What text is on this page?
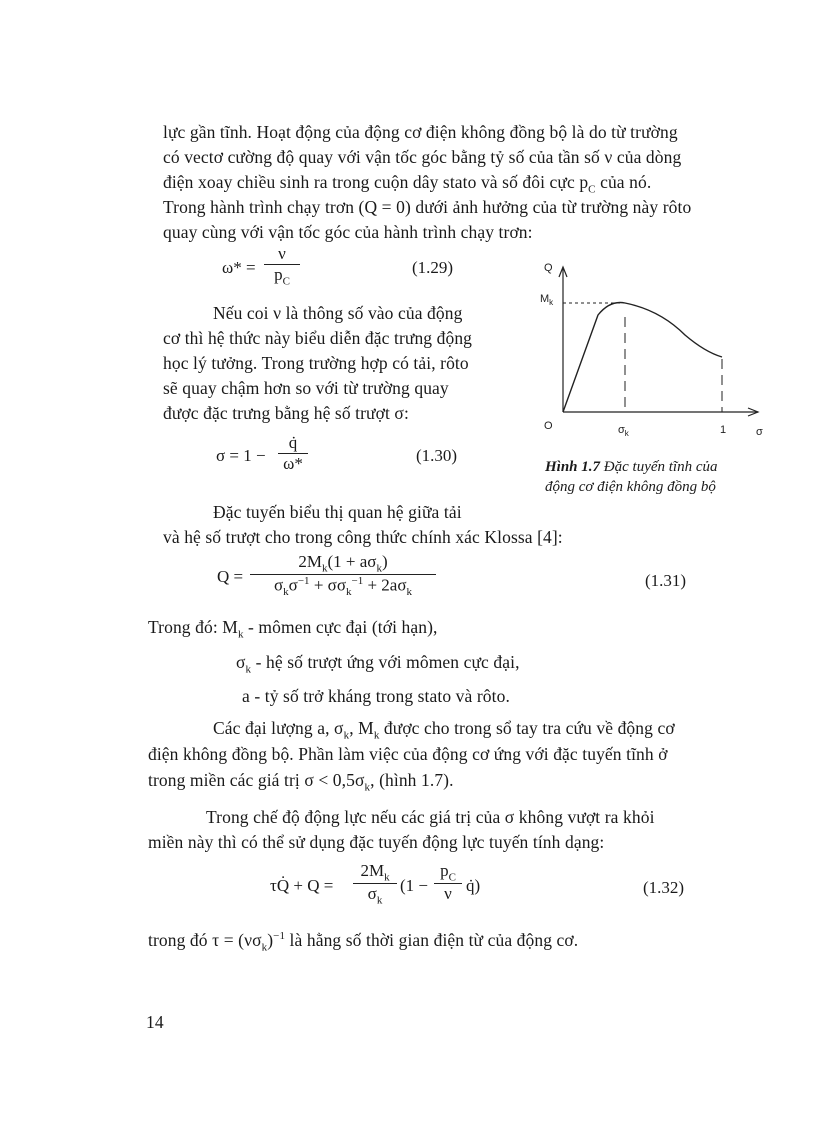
lực gần tĩnh. Hoạt động của động cơ điện không đồng bộ là do từ trường
có vectơ cường độ quay với vận tốc góc bằng tỷ số của tần số ν của dòng
điện xoay chiều sinh ra trong cuộn dây stato và số đôi cực $p_C$ của nó.
Trong hành trình chạy trơn (Q = 0) dưới ảnh hưởng của từ trường này rôto
quay cùng với vận tốc góc của hành trình chạy trơn:
$\omega* = \frac{\nu}{p_C}$	(1.29)
Nếu coi ν là thông số vào của động
cơ thì hệ thức này biểu diễn đặc trưng động
học lý tưởng. Trong trường hợp có tải, rôto
sẽ quay chậm hơn so với từ trường quay
được đặc trưng bằng hệ số trượt σ:
$\sigma = 1 - \frac{q̇}{\omega*}$	(1.30)
Q
$M_k$
O	$\sigma_k$	1	σ
Hình 1.7 Đặc tuyến tĩnh của
động cơ điện không đồng bộ
Đặc tuyến biểu thị quan hệ giữa tải
và hệ số trượt cho trong công thức chính xác Klossa [4]:
Q =
$2M_k(1 + a\sigma_k)$
$\sigma_k\sigma^{-1} + \sigma\sigma_k^{-1} + 2a\sigma_k$
(1.31)
Trong đó: $M_k$ - mômen cực đại (tới hạn),
$\sigma_k$ - hệ số trượt ứng với mômen cực đại,
a - tỷ số trở kháng trong stato và rôto.
Các đại lượng a, $\sigma_k$, $M_k$ được cho trong sổ tay tra cứu về động cơ
điện không đồng bộ. Phần làm việc của động cơ ứng với đặc tuyến tĩnh ở
trong miền các giá trị $\sigma < 0,5\sigma_k$, (hình 1.7).
Trong chế độ động lực nếu các giá trị của σ không vượt ra khỏi
miền này thì có thể sử dụng đặc tuyến động lực tuyến tính dạng:
τQ̇ + $Q = \frac{2M_k}{\sigma_k} (1 - \frac{p_C}{\nu}$ q̇)	(1.32)
trong đó $\tau = (\nu\sigma_k)^{-1}$ là hằng số thời gian điện từ của động cơ.
14
